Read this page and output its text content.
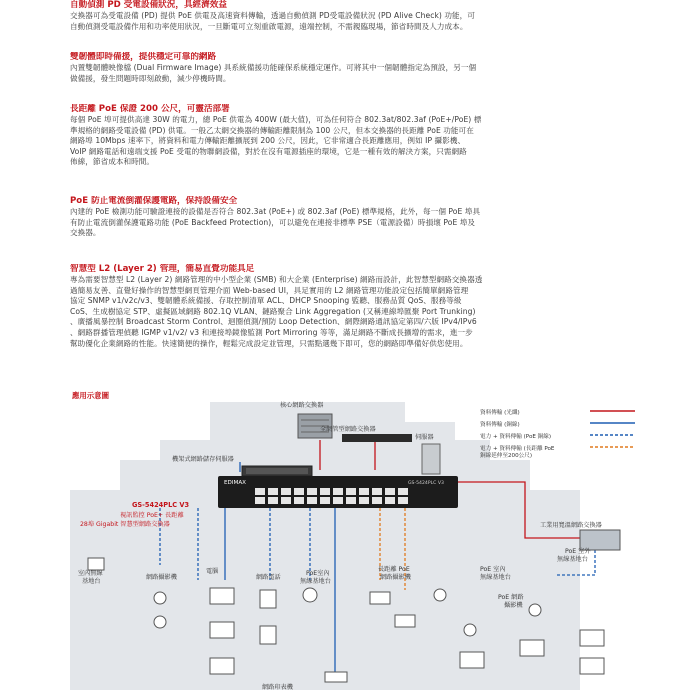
自動偵測 PD 受電設備狀況，具經濟效益
交換器可為受電設備 (PD) 提供 PoE 供電及高速資料傳輸，透過自動偵測 PD受電設備狀況 (PD Alive Check) 功能，可
自動偵測受電設備作用和功率使用狀況，一旦斷電可立刻重啟電源，遠端控制，不需親臨現場，節省時間及人力成本。
雙韌體即時備援，提供穩定可靠的網路
內置雙韌體映像檔 (Dual Firmware Image) 具系統備援功能確保系統穩定運作。可將其中一個韌體指定為預設，另一個
做備援，發生問題時即刻啟動，減少停機時間。
長距離 PoE 保證 200 公尺，可靈活部署
每個 PoE 埠可提供高達 30W 的電力，總 PoE 供電為 400W (最大值)，可為任何符合 802.3at/802.3af (PoE+/PoE) 標
準規格的網路受電設備 (PD) 供電。一般乙太網交換器的傳輸距離限制為 100 公尺，但本交換器的長距離 PoE 功能可在
網路埠 10Mbps 速率下，將資料和電力傳輸距離擴展到 200 公尺，因此，它非常適合長距離應用，例如 IP 攝影機、
VoIP 網路電話和遠端支援 PoE 受電的物聯網設備，對於在沒有電源插座的環境，它是一種有效的解決方案，只需網路
佈線，節省成本和時間。
PoE 防止電流倒灌保護電路，保持設備安全
內建的 PoE 檢測功能可驗證連接的設備是否符合 802.3at (PoE+) 或 802.3af (PoE) 標準規格，此外，每一個 PoE 埠具
有防止電流倒灌保護電路功能 (PoE Backfeed Protection)，可以避免在連接非標準 PSE（電源設備）時損壞 PoE 埠及
交換器。
智慧型 L2 (Layer 2) 管理，簡易直覺功能具足
專為需要智慧型 L2 (Layer 2) 網路管理的中小型企業 (SMB) 和大企業 (Enterprise) 網路而設計，此智慧型網路交換器透
過簡易友善、直覺好操作的智慧型網頁管理介面 Web-based UI，具足實用的 L2 網路管理功能設定包括簡單網路管理
協定 SNMP v1/v2c/v3、雙韌體系統備援、存取控制清單 ACL、DHCP Snooping 監聽、服務品質 QoS、服務等級
CoS、生成樹協定 STP、虛擬區域網路 802.1Q VLAN、鏈路聚合 Link Aggregation (又稱連線埠匯聚 Port Trunking)
、廣播風暴控制 Broadcast Storm Control、迴圈偵測/預防 Loop Detection、網際網路通訊協定第四/六版 IPv4/IPv6
、網路群播管理偵聽 IGMP v1/v2/ v3 和連接埠鏡像監測 Port Mirroring 等等，滿足網路不斷成長擴增的需求，進一步
幫助優化企業網路的性能。快速簡便的操作，輕鬆完成設定並管理，只需點選幾下即可，您的網路即準備好供您使用。
應用示意圖
核心網路交換器
全網管型網路交換器
伺服器
機架式網路儲存伺服器
GS-5424PLC V3
視訊監控 PoE+ 長距離
28埠 Gigabit 智慧型網路交換器
EDIMAX	GS-5424PLC V3
工業用寬溫網路交換器
PoE 室外
無線基地台
室內無線
基地台
網路攝影機
電腦
網路電話
PoE室內
無線基地台
長距離 PoE
網路攝影機
PoE 室內
無線基地台
PoE 網路
攝影機
網路印表機
資料傳輸 (光纖)
資料傳輸 (銅線)
電力 + 資料傳輸 (PoE 銅線)
電力 + 資料傳輸 (長距離 PoE
銅線延伸至200公尺)
